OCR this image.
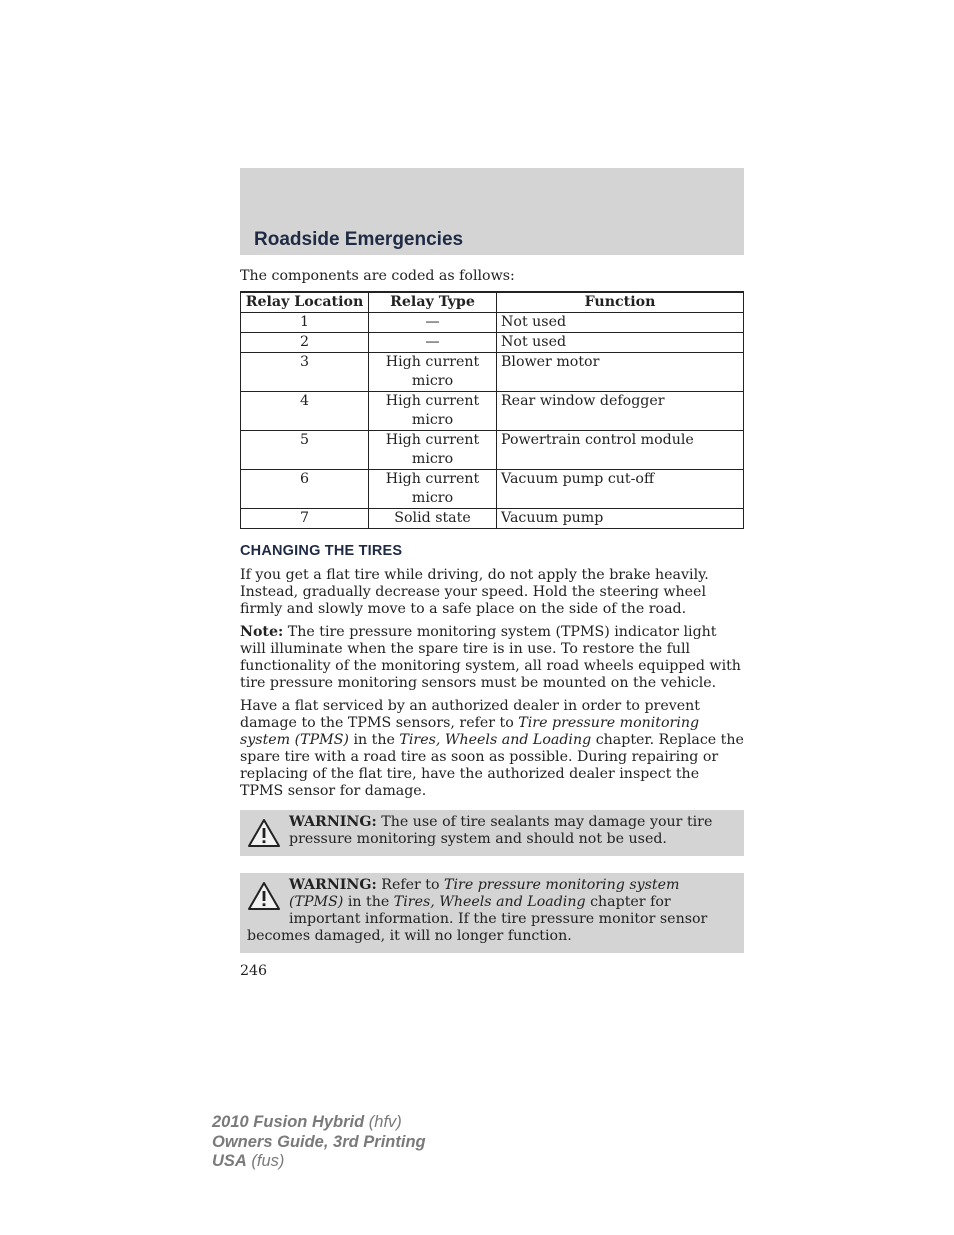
Roadside Emergencies

The components are coded as follows:

Relay Location	Relay Type	Function
1	—	Not used
2	—	Not used
3	High current micro	Blower motor
4	High current micro	Rear window defogger
5	High current micro	Powertrain control module
6	High current micro	Vacuum pump cut-off
7	Solid state	Vacuum pump
CHANGING THE TIRES

If you get a flat tire while driving, do not apply the brake heavily. Instead, gradually decrease your speed. Hold the steering wheel firmly and slowly move to a safe place on the side of the road.

Note: The tire pressure monitoring system (TPMS) indicator light will illuminate when the spare tire is in use. To restore the full functionality of the monitoring system, all road wheels equipped with tire pressure monitoring sensors must be mounted on the vehicle.

Have a flat serviced by an authorized dealer in order to prevent damage to the TPMS sensors, refer to Tire pressure monitoring system (TPMS) in the Tires, Wheels and Loading chapter. Replace the spare tire with a road tire as soon as possible. During repairing or replacing of the flat tire, have the authorized dealer inspect the TPMS sensor for damage.

WARNING: The use of tire sealants may damage your tire pressure monitoring system and should not be used.
WARNING: Refer to Tire pressure monitoring system (TPMS) in the Tires, Wheels and Loading chapter for important information. If the tire pressure monitor sensor becomes damaged, it will no longer function.
246
2010 Fusion Hybrid (hfv)
Owners Guide, 3rd Printing
USA (fus)
